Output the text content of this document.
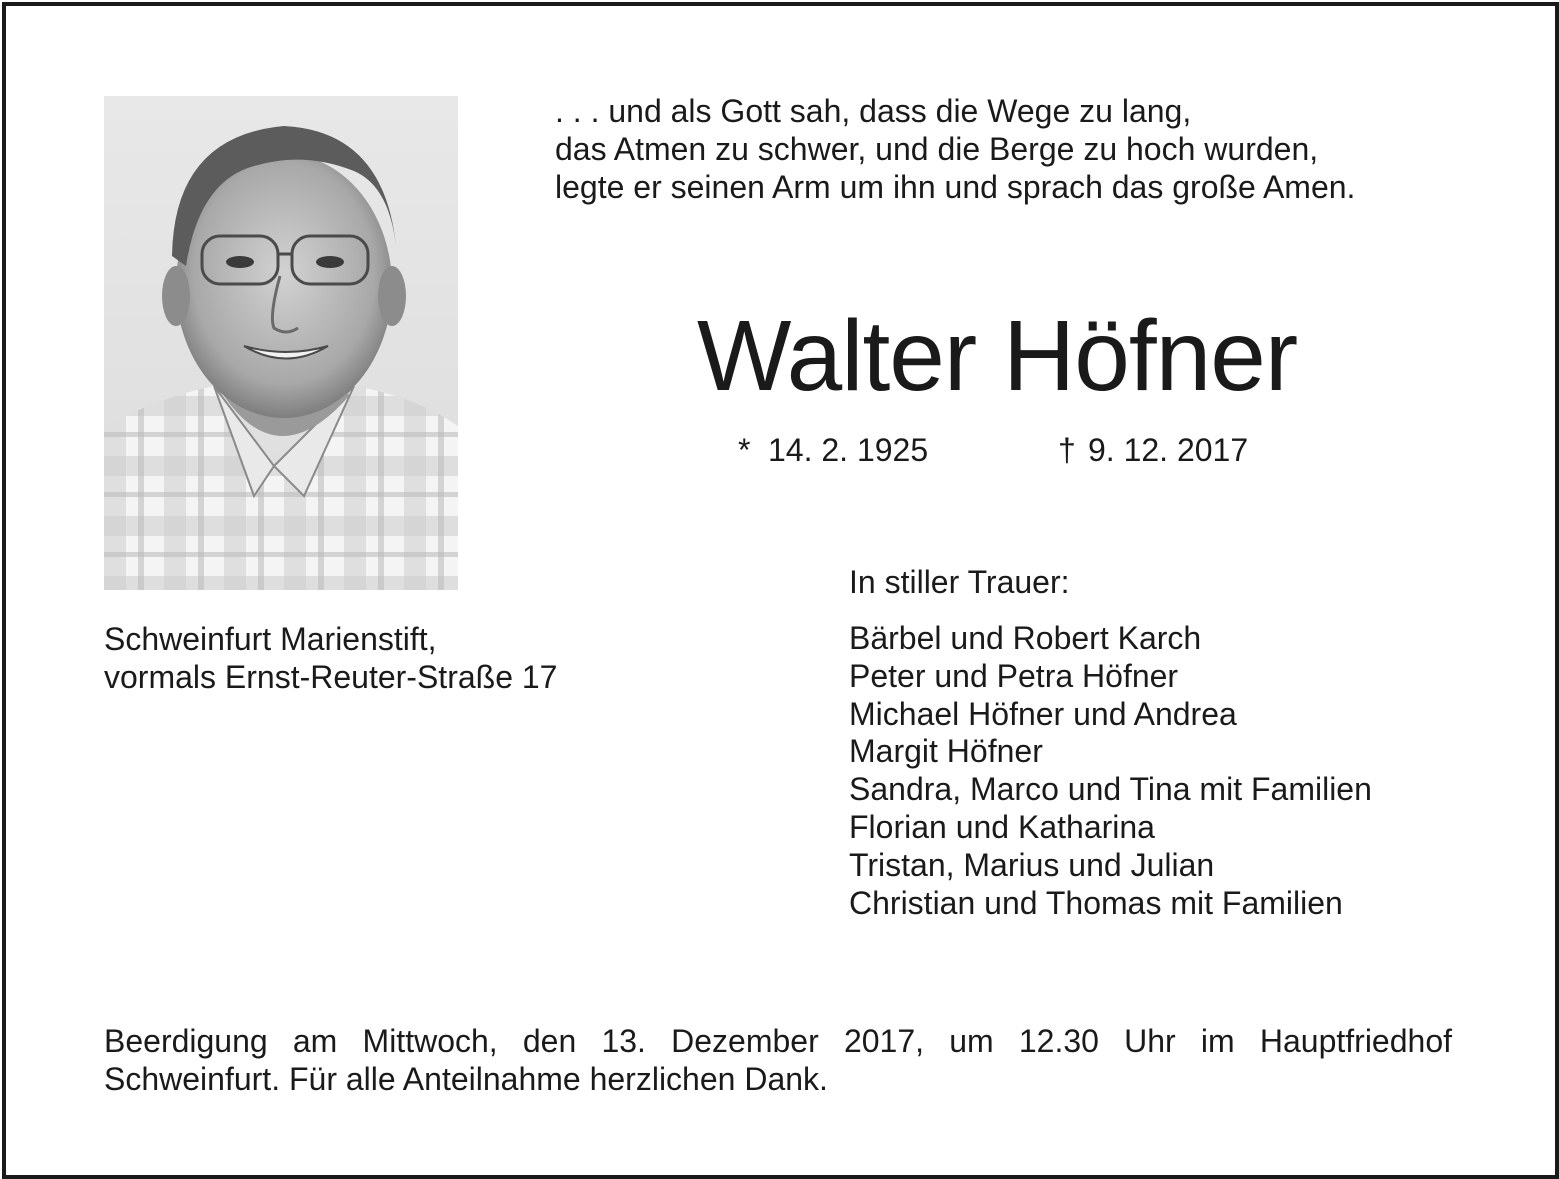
. . . und als Gott sah, dass die Wege zu lang,
das Atmen zu schwer, und die Berge zu hoch wurden,
legte er seinen Arm um ihn und sprach das große Amen.
Walter Höfner
* 14. 2. 1925	† 9. 12. 2017
Schweinfurt Marienstift,
vormals Ernst-Reuter-Straße 17
In stiller Trauer:
Bärbel und Robert Karch
Peter und Petra Höfner
Michael Höfner und Andrea
Margit Höfner
Sandra, Marco und Tina mit Familien
Florian und Katharina
Tristan, Marius und Julian
Christian und Thomas mit Familien
Beerdigung am Mittwoch, den 13. Dezember 2017, um 12.30 Uhr im Hauptfriedhof
Schweinfurt. Für alle Anteilnahme herzlichen Dank.
